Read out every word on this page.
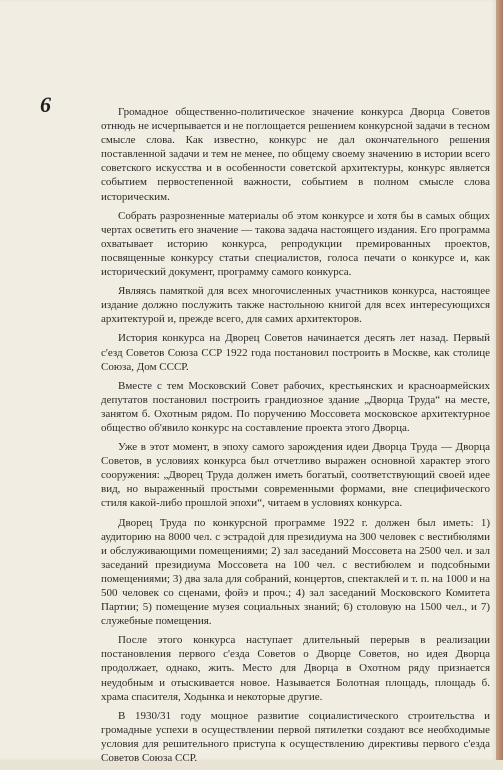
6	Громадное общественно-политическое значение конкурса Дворца Советов отнюдь не исчерпывается и не поглощается решением конкурсной задачи в тесном смысле слова. Как известно, конкурс не дал окончательного решения поставленной задачи и тем не менее, по общему своему значению в истории всего советского искусства и в особенности советской архитектуры, конкурс является событием первостепенной важности, событием в полном смысле слова историческим.

Собрать разрозненные материалы об этом конкурсе и хотя бы в самых общих чертах осветить его значение — такова задача настоящего издания. Его программа охватывает историю конкурса, репродукции премированных проектов, посвященные конкурсу статьи специалистов, голоса печати о конкурсе и, как исторический документ, программу самого конкурса.

Являясь памяткой для всех многочисленных участников конкурса, настоящее издание должно послужить также настольною книгой для всех интересующихся архитектурой и, прежде всего, для самих архитекторов.

История конкурса на Дворец Советов начинается десять лет назад. Первый с'езд Советов Союза ССР 1922 года постановил построить в Москве, как столице Союза, Дом СССР.

Вместе с тем Московский Совет рабочих, крестьянских и красноармейских депутатов постановил построить грандиозное здание „Дворца Труда“ на месте, занятом б. Охотным рядом. По поручению Моссовета московское архитектурное общество об'явило конкурс на составление проекта этого Дворца.

Уже в этот момент, в эпоху самого зарождения идеи Дворца Труда — Дворца Советов, в условиях конкурса был отчетливо выражен основной характер этого сооружения: „Дворец Труда должен иметь богатый, соответствующий своей идее вид, но выраженный простыми современными формами, вне специфического стиля какой-либо прошлой эпохи“, читаем в условиях конкурса.

Дворец Труда по конкурсной программе 1922 г. должен был иметь: 1) аудиторию на 8000 чел. с эстрадой для президиума на 300 человек с вестибюлями и обслуживающими помещениями; 2) зал заседаний Моссовета на 2500 чел. и зал заседаний президиума Моссовета на 100 чел. с вестибюлем и подсобными помещениями; 3) два зала для собраний, концертов, спектаклей и т. п. на 1000 и на 500 человек со сценами, фойэ и проч.; 4) зал заседаний Московского Комитета Партии; 5) помещение музея социальных знаний; 6) столовую на 1500 чел., и 7) служебные помещения.

После этого конкурса наступает длительный перерыв в реализации постановления первого с'езда Советов о Дворце Советов, но идея Дворца продолжает, однако, жить. Место для Дворца в Охотном ряду признается неудобным и отыскивается новое. Называется Болотная площадь, площадь б. храма спасителя, Ходынка и некоторые другие.

В 1930/31 году мощное развитие социалистического строительства и громадные успехи в осуществлении первой пятилетки создают все необходимые условия для решительного приступа к осуществлению директивы первого с'езда Советов Союза ССР.
